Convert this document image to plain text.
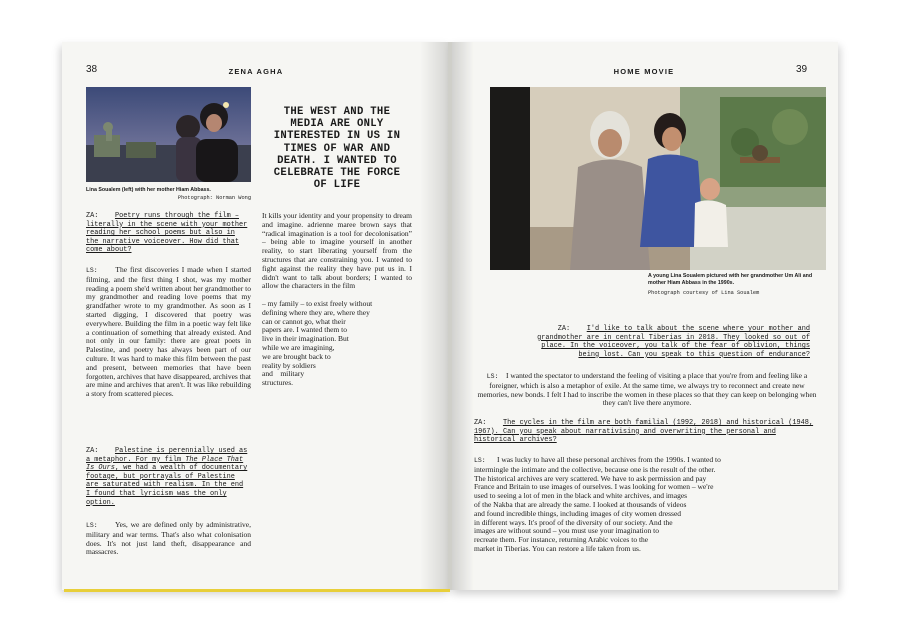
38	ZENA AGHA
Lina Soualem (left) with her mother Hiam Abbass.
Photograph: Norman Wong
THE WEST AND THE MEDIA ARE ONLY INTERESTED IN US IN TIMES OF WAR AND DEATH. I WANTED TO CELEBRATE THE FORCE OF LIFE
ZA: Poetry runs through the film – literally in the scene with your mother reading her school poems but also in the narrative voiceover. How did that come about?
LS: The first discoveries I made when I started filming, and the first thing I shot, was my mother reading a poem she'd written about her grandmother to my grandmother and reading love poems that my grandfather wrote to my grandmother. As soon as I started digging, I discovered that poetry was everywhere. Building the film in a poetic way felt like a continuation of something that already existed. And not only in our family: there are great poets in Palestine, and poetry has always been part of our culture. It was hard to make this film between the past and present, between memories that have been forgotten, archives that have disappeared, archives that are mine and archives that aren't. It was like rebuilding a story from scattered pieces.
ZA: Palestine is perennially used as a metaphor. For my film The Place That Is Ours, we had a wealth of documentary footage, but portrayals of Palestine are saturated with realism. In the end I found that lyricism was the only option.
LS: Yes, we are defined only by administrative, military and war terms. That's also what colonisation does. It's not just land theft, disappearance and massacres.
It kills your identity and your propensity to dream and imagine. adrienne maree brown says that “radical imagination is a tool for decolonisation” – being able to imagine yourself in another reality, to start liberating yourself from the structures that are constraining you. I wanted to fight against the reality they have put us in. I didn't want to talk about borders; I wanted to allow the characters in the film
– my family – to exist freely without
defining where they are, where they
can or cannot go, what their
papers are. I wanted them to
live in their imagination. But
while we are imagining,
we are brought back to
reality by soldiers
and    military
structures.
HOME MOVIE	39
A young Lina Soualem pictured with her grandmother Um Ali and mother Hiam Abbass in the 1990s.
Photograph courtesy of Lina Soualem
ZA: I'd like to talk about the scene where your mother and grandmother are in central Tiberias in 2018. They looked so out of place. In the voiceover, you talk of the fear of oblivion, things being lost. Can you speak to this question of endurance?
LS: I wanted the spectator to understand the feeling of visiting a place that you're from and feeling like a foreigner, which is also a metaphor of exile. At the same time, we always try to reconnect and create new memories, new bonds. I felt I had to inscribe the women in these places so that they can keep on belonging when they can't live there anymore.
ZA: The cycles in the film are both familial (1992, 2018) and historical (1948, 1967). Can you speak about narrativising and overwriting the personal and historical archives?
LS: I was lucky to have all these personal archives from the 1990s. I wanted to
intermingle the intimate and the collective, because one is the result of the other.
The historical archives are very scattered. We have to ask permission and pay
France and Britain to use images of ourselves. I was looking for women – we're
used to seeing a lot of men in the black and white archives, and images
of the Nakba that are already the same. I looked at thousands of videos
and found incredible things, including images of city women dressed
in different ways. It's proof of the diversity of our society. And the
images are without sound – you must use your imagination to
recreate them. For instance, returning Arabic voices to the
market in Tiberias. You can restore a life taken from us.
